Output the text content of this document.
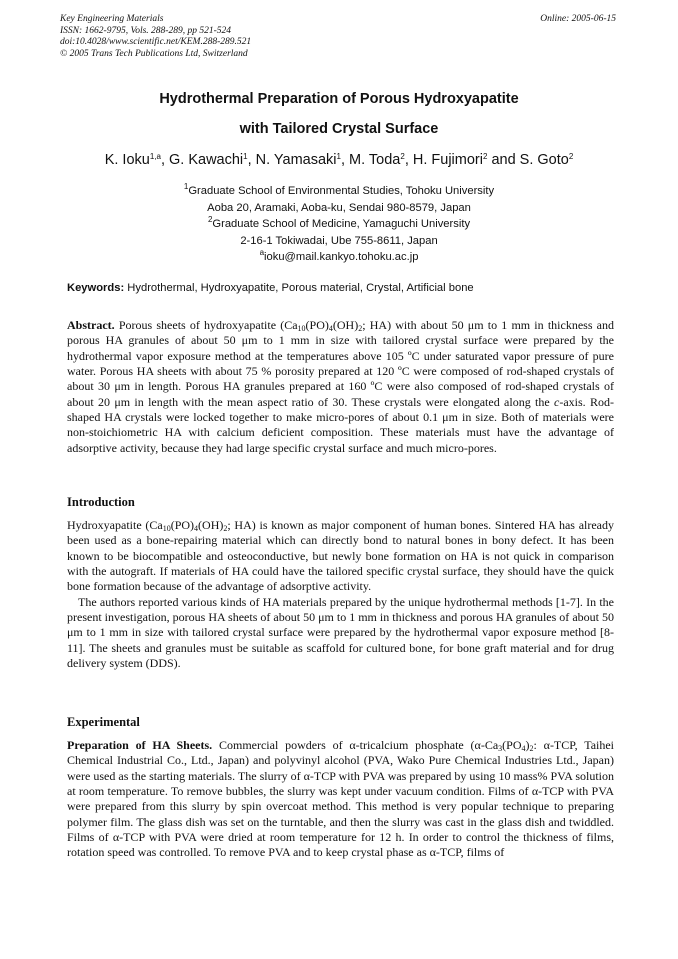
Key Engineering Materials
ISSN: 1662-9795, Vols. 288-289, pp 521-524
doi:10.4028/www.scientific.net/KEM.288-289.521
© 2005 Trans Tech Publications Ltd, Switzerland
Online: 2005-06-15
Hydrothermal Preparation of Porous Hydroxyapatite
with Tailored Crystal Surface
K. Ioku$^{1,a}$, G. Kawachi$^1$, N. Yamasaki$^1$, M. Toda$^2$, H. Fujimori$^2$ and S. Goto$^2$
$^1$Graduate School of Environmental Studies, Tohoku University
Aoba 20, Aramaki, Aoba-ku, Sendai 980-8579, Japan
$^2$Graduate School of Medicine, Yamaguchi University
2-16-1 Tokiwadai, Ube 755-8611, Japan
$^a$ioku@mail.kankyo.tohoku.ac.jp
Keywords: Hydrothermal, Hydroxyapatite, Porous material, Crystal, Artificial bone

Abstract. Porous sheets of hydroxyapatite ($Ca_{10}(PO)_4(OH)_2$; HA) with about 50 μm to 1 mm in thickness and porous HA granules of about 50 μm to 1 mm in size with tailored crystal surface were prepared by the hydrothermal vapor exposure method at the temperatures above 105 ºC under saturated vapor pressure of pure water. Porous HA sheets with about 75 % porosity prepared at 120 ºC were composed of rod-shaped crystals of about 30 μm in length. Porous HA granules prepared at 160 ºC were also composed of rod-shaped crystals of about 20 μm in length with the mean aspect ratio of 30. These crystals were elongated along the c-axis. Rod-shaped HA crystals were locked together to make micro-pores of about 0.1 μm in size. Both of materials were non-stoichiometric HA with calcium deficient composition. These materials must have the advantage of adsorptive activity, because they had large specific crystal surface and much micro-pores.

Introduction

Hydroxyapatite ($Ca_{10}(PO)_4(OH)_2$; HA) is known as major component of human bones. Sintered HA has already been used as a bone-repairing material which can directly bond to natural bones in bony defect. It has been known to be biocompatible and osteoconductive, but newly bone formation on HA is not quick in comparison with the autograft. If materials of HA could have the tailored specific crystal surface, they should have the quick bone formation because of the advantage of adsorptive activity.

The authors reported various kinds of HA materials prepared by the unique hydrothermal methods [1-7]. In the present investigation, porous HA sheets of about 50 μm to 1 mm in thickness and porous HA granules of about 50 μm to 1 mm in size with tailored crystal surface were prepared by the hydrothermal vapor exposure method [8-11]. The sheets and granules must be suitable as scaffold for cultured bone, for bone graft material and for drug delivery system (DDS).

Experimental

Preparation of HA Sheets. Commercial powders of α-tricalcium phosphate ($\alpha-Ca_3(PO_4)_2$: α-TCP, Taihei Chemical Industrial Co., Ltd., Japan) and polyvinyl alcohol (PVA, Wako Pure Chemical Industries Ltd., Japan) were used as the starting materials. The slurry of α-TCP with PVA was prepared by using 10 mass% PVA solution at room temperature. To remove bubbles, the slurry was kept under vacuum condition. Films of α-TCP with PVA were prepared from this slurry by spin overcoat method. This method is very popular technique to preparing polymer film. The glass dish was set on the turntable, and then the slurry was cast in the glass dish and twiddled. Films of α-TCP with PVA were dried at room temperature for 12 h. In order to control the thickness of films, rotation speed was controlled. To remove PVA and to keep crystal phase as α-TCP, films of
